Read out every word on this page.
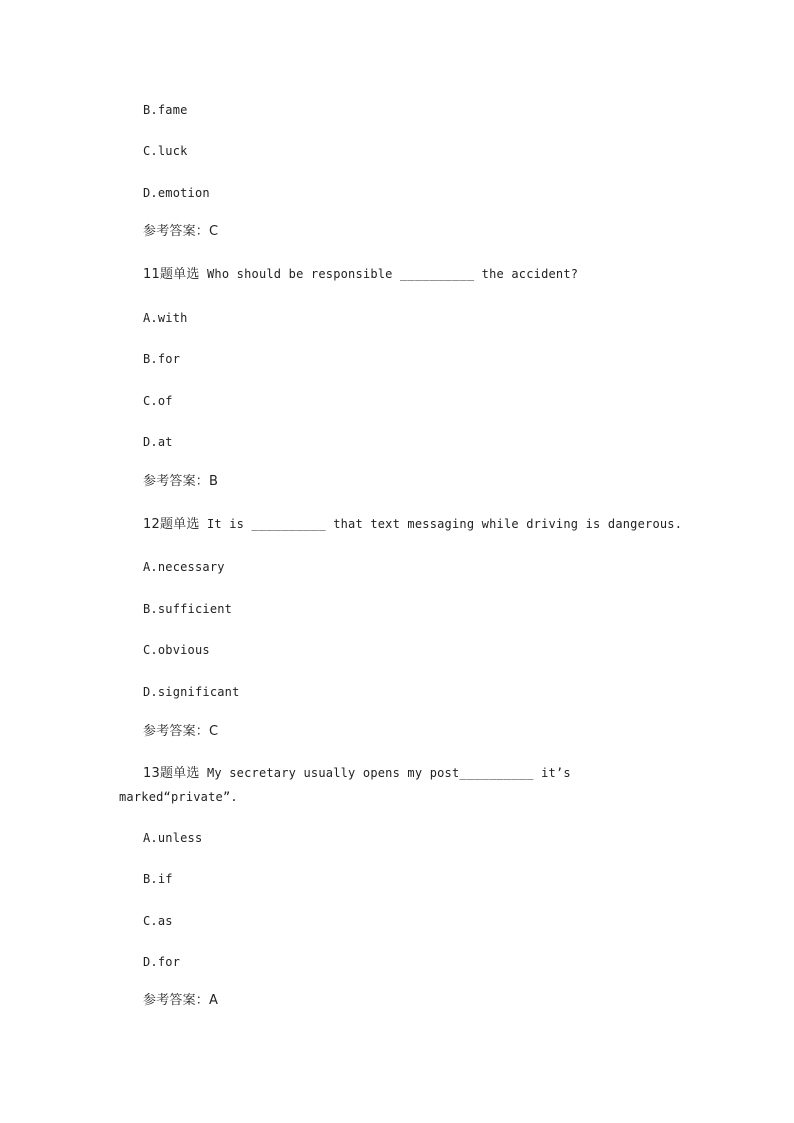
B.fame
C.luck
D.emotion
参考答案：C
11题单选 Who should be responsible __________ the accident?
A.with
B.for
C.of
D.at
参考答案：B
12题单选 It is __________ that text messaging while driving is dangerous.
A.necessary
B.sufficient
C.obvious
D.significant
参考答案：C
13题单选 My secretary usually opens my post__________ it’s
marked“private”.
A.unless
B.if
C.as
D.for
参考答案：A
